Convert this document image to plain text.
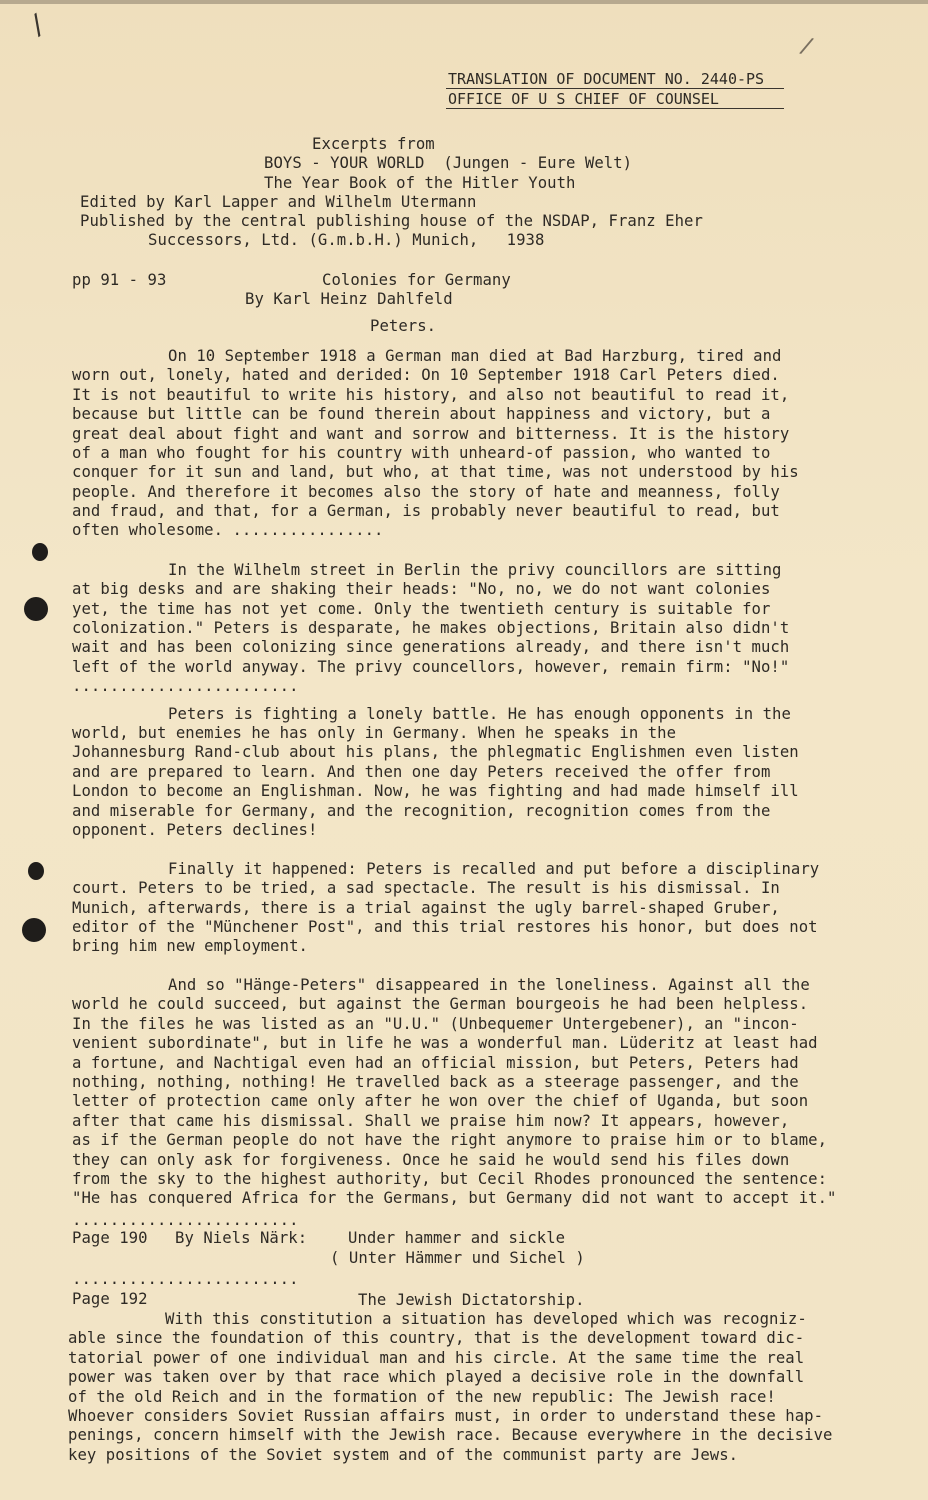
/
/
TRANSLATION OF DOCUMENT NO. 2440-PS
OFFICE OF U S CHIEF OF COUNSEL
Excerpts from
BOYS - YOUR WORLD  (Jungen - Eure Welt)
The Year Book of the Hitler Youth
Edited by Karl Lapper and Wilhelm Utermann
Published by the central publishing house of the NSDAP, Franz Eher
Successors, Ltd. (G.m.b.H.) Munich,   1938
pp 91 - 93	Colonies for Germany
By Karl Heinz Dahlfeld
Peters.
On 10 September 1918 a German man died at Bad Harzburg, tired and
worn out, lonely, hated and derided: On 10 September 1918 Carl Peters died.
It is not beautiful to write his history, and also not beautiful to read it,
because but little can be found therein about happiness and victory, but a
great deal about fight and want and sorrow and bitterness. It is the history
of a man who fought for his country with unheard-of passion, who wanted to
conquer for it sun and land, but who, at that time, was not understood by his
people. And therefore it becomes also the story of hate and meanness, folly
and fraud, and that, for a German, is probably never beautiful to read, but
often wholesome. ................
In the Wilhelm street in Berlin the privy councillors are sitting
at big desks and are shaking their heads: "No, no, we do not want colonies
yet, the time has not yet come. Only the twentieth century is suitable for
colonization." Peters is desparate, he makes objections, Britain also didn't
wait and has been colonizing since generations already, and there isn't much
left of the world anyway. The privy councellors, however, remain firm: "No!"
........................
Peters is fighting a lonely battle. He has enough opponents in the
world, but enemies he has only in Germany. When he speaks in the
Johannesburg Rand-club about his plans, the phlegmatic Englishmen even listen
and are prepared to learn. And then one day Peters received the offer from
London to become an Englishman. Now, he was fighting and had made himself ill
and miserable for Germany, and the recognition, recognition comes from the
opponent. Peters declines!
Finally it happened: Peters is recalled and put before a disciplinary
court. Peters to be tried, a sad spectacle. The result is his dismissal. In
Munich, afterwards, there is a trial against the ugly barrel-shaped Gruber,
editor of the "Münchener Post", and this trial restores his honor, but does not
bring him new employment.
And so "Hänge-Peters" disappeared in the loneliness. Against all the
world he could succeed, but against the German bourgeois he had been helpless.
In the files he was listed as an "U.U." (Unbequemer Untergebener), an "incon-
venient subordinate", but in life he was a wonderful man. Lüderitz at least had
a fortune, and Nachtigal even had an official mission, but Peters, Peters had
nothing, nothing, nothing! He travelled back as a steerage passenger, and the
letter of protection came only after he won over the chief of Uganda, but soon
after that came his dismissal. Shall we praise him now? It appears, however,
as if the German people do not have the right anymore to praise him or to blame,
they can only ask for forgiveness. Once he said he would send his files down
from the sky to the highest authority, but Cecil Rhodes pronounced the sentence:
"He has conquered Africa for the Germans, but Germany did not want to accept it."
........................
Page 190 By Niels Närk:	Under hammer and sickle
( Unter Hämmer und Sichel )
........................
Page 192	The Jewish Dictatorship.
With this constitution a situation has developed which was recogniz-
able since the foundation of this country, that is the development toward dic-
tatorial power of one individual man and his circle. At the same time the real
power was taken over by that race which played a decisive role in the downfall
of the old Reich and in the formation of the new republic: The Jewish race!
Whoever considers Soviet Russian affairs must, in order to understand these hap-
penings, concern himself with the Jewish race. Because everywhere in the decisive
key positions of the Soviet system and of the communist party are Jews.
